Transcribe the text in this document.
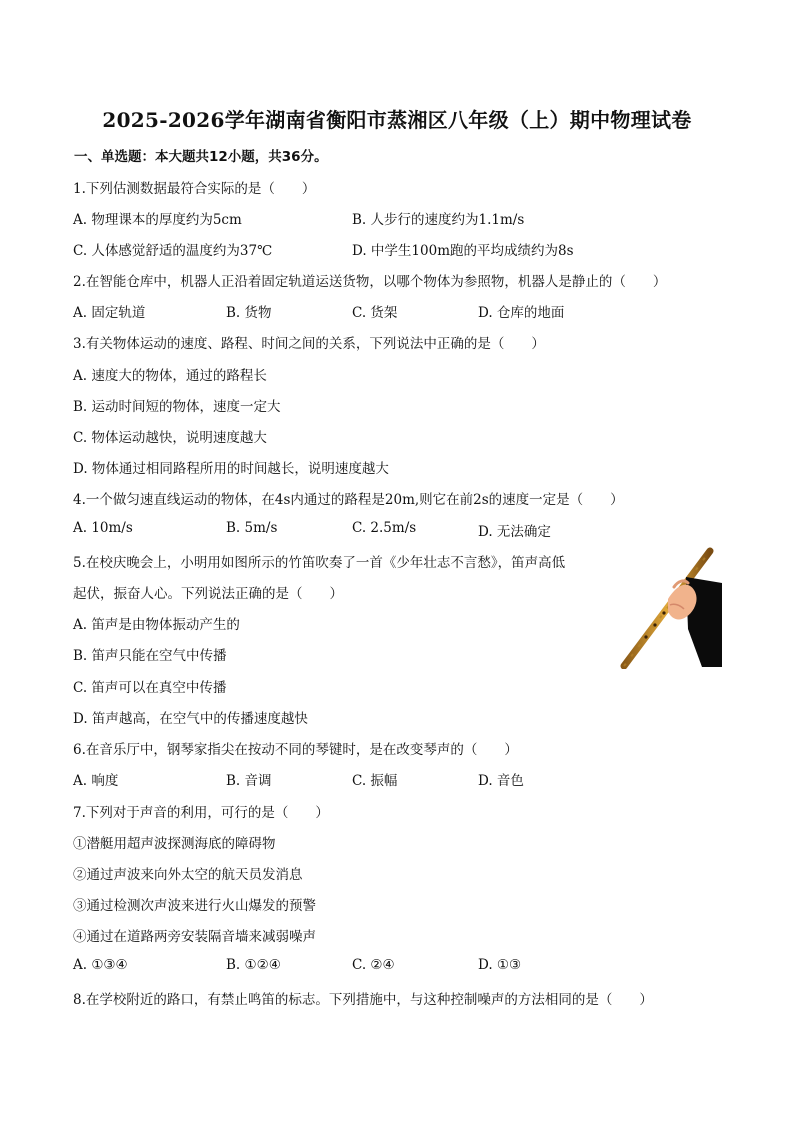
2025-2026学年湖南省衡阳市蒸湘区八年级（上）期中物理试卷
一、单选题：本大题共12小题，共36分。
1.下列估测数据最符合实际的是（　　）
A. 物理课本的厚度约为5cm	B. 人步行的速度约为1.1m/s
C. 人体感觉舒适的温度约为37℃	D. 中学生100m跑的平均成绩约为8s
2.在智能仓库中，机器人正沿着固定轨道运送货物，以哪个物体为参照物，机器人是静止的（　　）
A. 固定轨道	B. 货物	C. 货架	D. 仓库的地面
3.有关物体运动的速度、路程、时间之间的关系，下列说法中正确的是（　　）
A. 速度大的物体，通过的路程长
B. 运动时间短的物体，速度一定大
C. 物体运动越快，说明速度越大
D. 物体通过相同路程所用的时间越长，说明速度越大
4.一个做匀速直线运动的物体，在4s内通过的路程是20m,则它在前2s的速度一定是（　　）
A. 10m/s	B. 5m/s	C. 2.5m/s	D. 无法确定
5.在校庆晚会上，小明用如图所示的竹笛吹奏了一首《少年壮志不言愁》，笛声高低
起伏，振奋人心。下列说法正确的是（　　）
A. 笛声是由物体振动产生的
B. 笛声只能在空气中传播
C. 笛声可以在真空中传播
D. 笛声越高，在空气中的传播速度越快
6.在音乐厅中，钢琴家指尖在按动不同的琴键时，是在改变琴声的（　　）
A. 响度	B. 音调	C. 振幅	D. 音色
7.下列对于声音的利用，可行的是（　　）
①潜艇用超声波探测海底的障碍物
②通过声波来向外太空的航天员发消息
③通过检测次声波来进行火山爆发的预警
④通过在道路两旁安装隔音墙来减弱噪声
A. ①③④	B. ①②④	C. ②④	D. ①③
8.在学校附近的路口，有禁止鸣笛的标志。下列措施中，与这种控制噪声的方法相同的是（　　）
